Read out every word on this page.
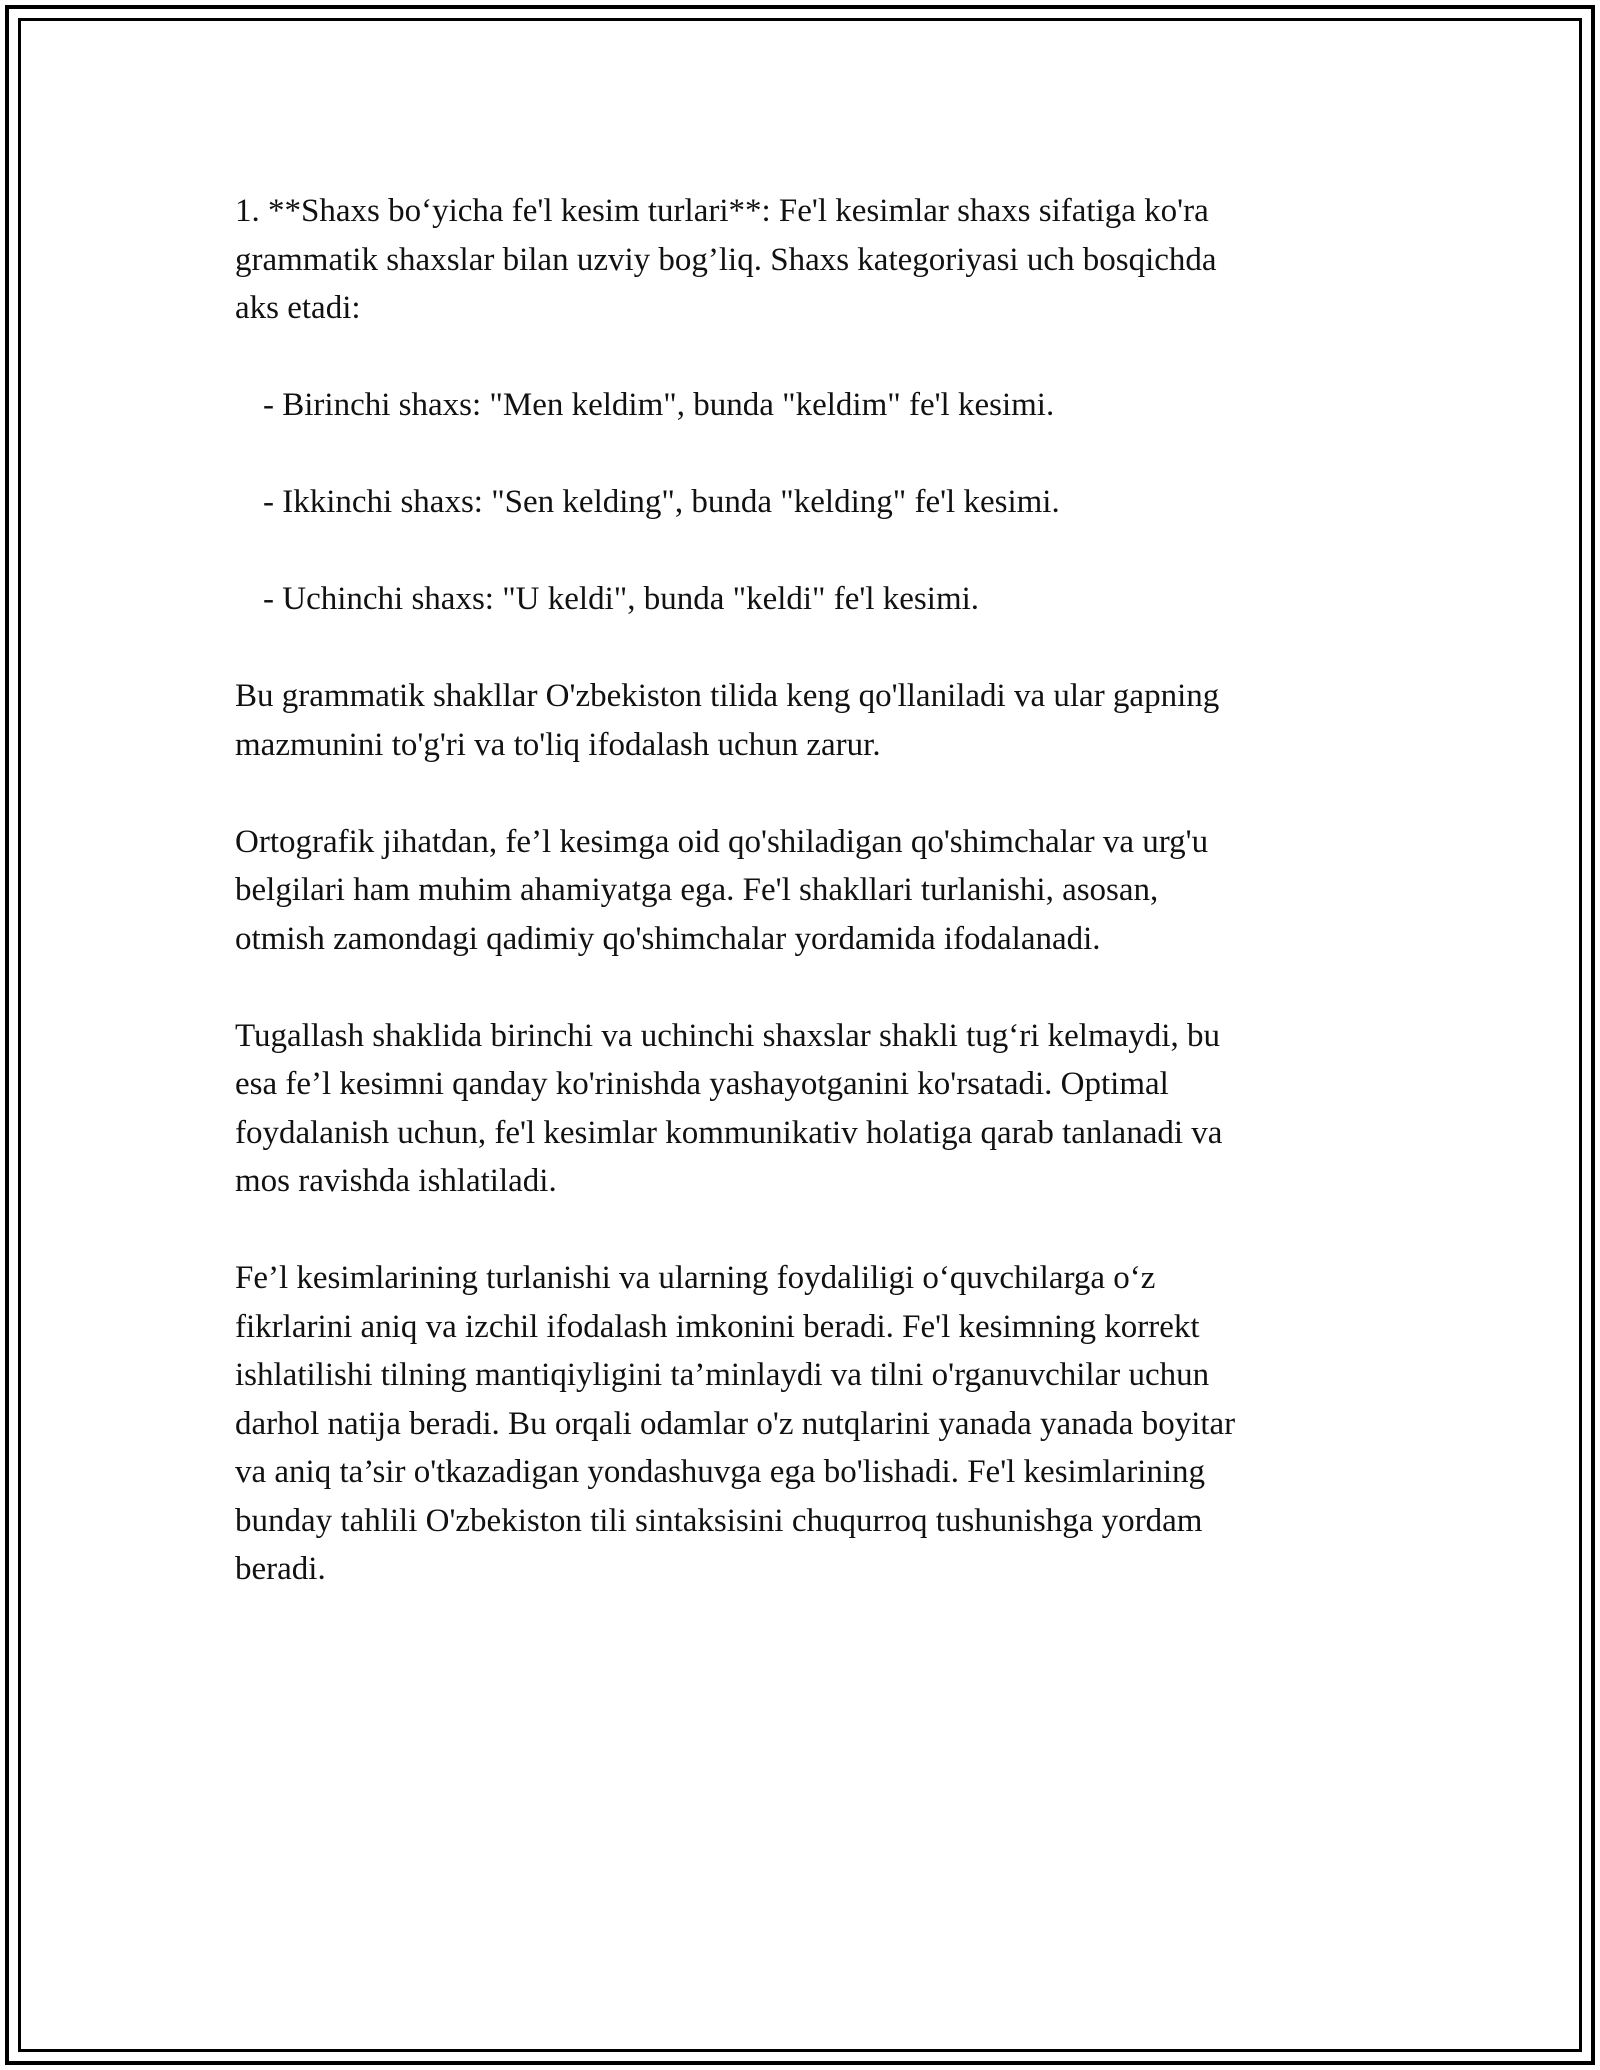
1. **Shaxs bo‘yicha fe'l kesim turlari**: Fe'l kesimlar shaxs sifatiga ko'ra
grammatik shaxslar bilan uzviy bog’liq. Shaxs kategoriyasi uch bosqichda
aks etadi:
- Birinchi shaxs: "Men keldim", bunda "keldim" fe'l kesimi.
- Ikkinchi shaxs: "Sen kelding", bunda "kelding" fe'l kesimi.
- Uchinchi shaxs: "U keldi", bunda "keldi" fe'l kesimi.
Bu grammatik shakllar O'zbekiston tilida keng qo'llaniladi va ular gapning
mazmunini to'g'ri va to'liq ifodalash uchun zarur.
Ortografik jihatdan, fe’l kesimga oid qo'shiladigan qo'shimchalar va urg'u
belgilari ham muhim ahamiyatga ega. Fe'l shakllari turlanishi, asosan,
otmish zamondagi qadimiy qo'shimchalar yordamida ifodalanadi.
Tugallash shaklida birinchi va uchinchi shaxslar shakli tug‘ri kelmaydi, bu
esa fe’l kesimni qanday ko'rinishda yashayotganini ko'rsatadi. Optimal
foydalanish uchun, fe'l kesimlar kommunikativ holatiga qarab tanlanadi va
mos ravishda ishlatiladi.
Fe’l kesimlarining turlanishi va ularning foydaliligi o‘quvchilarga o‘z
fikrlarini aniq va izchil ifodalash imkonini beradi. Fe'l kesimning korrekt
ishlatilishi tilning mantiqiyligini ta’minlaydi va tilni o'rganuvchilar uchun
darhol natija beradi. Bu orqali odamlar o'z nutqlarini yanada yanada boyitar
va aniq ta’sir o'tkazadigan yondashuvga ega bo'lishadi. Fe'l kesimlarining
bunday tahlili O'zbekiston tili sintaksisini chuqurroq tushunishga yordam
beradi.
